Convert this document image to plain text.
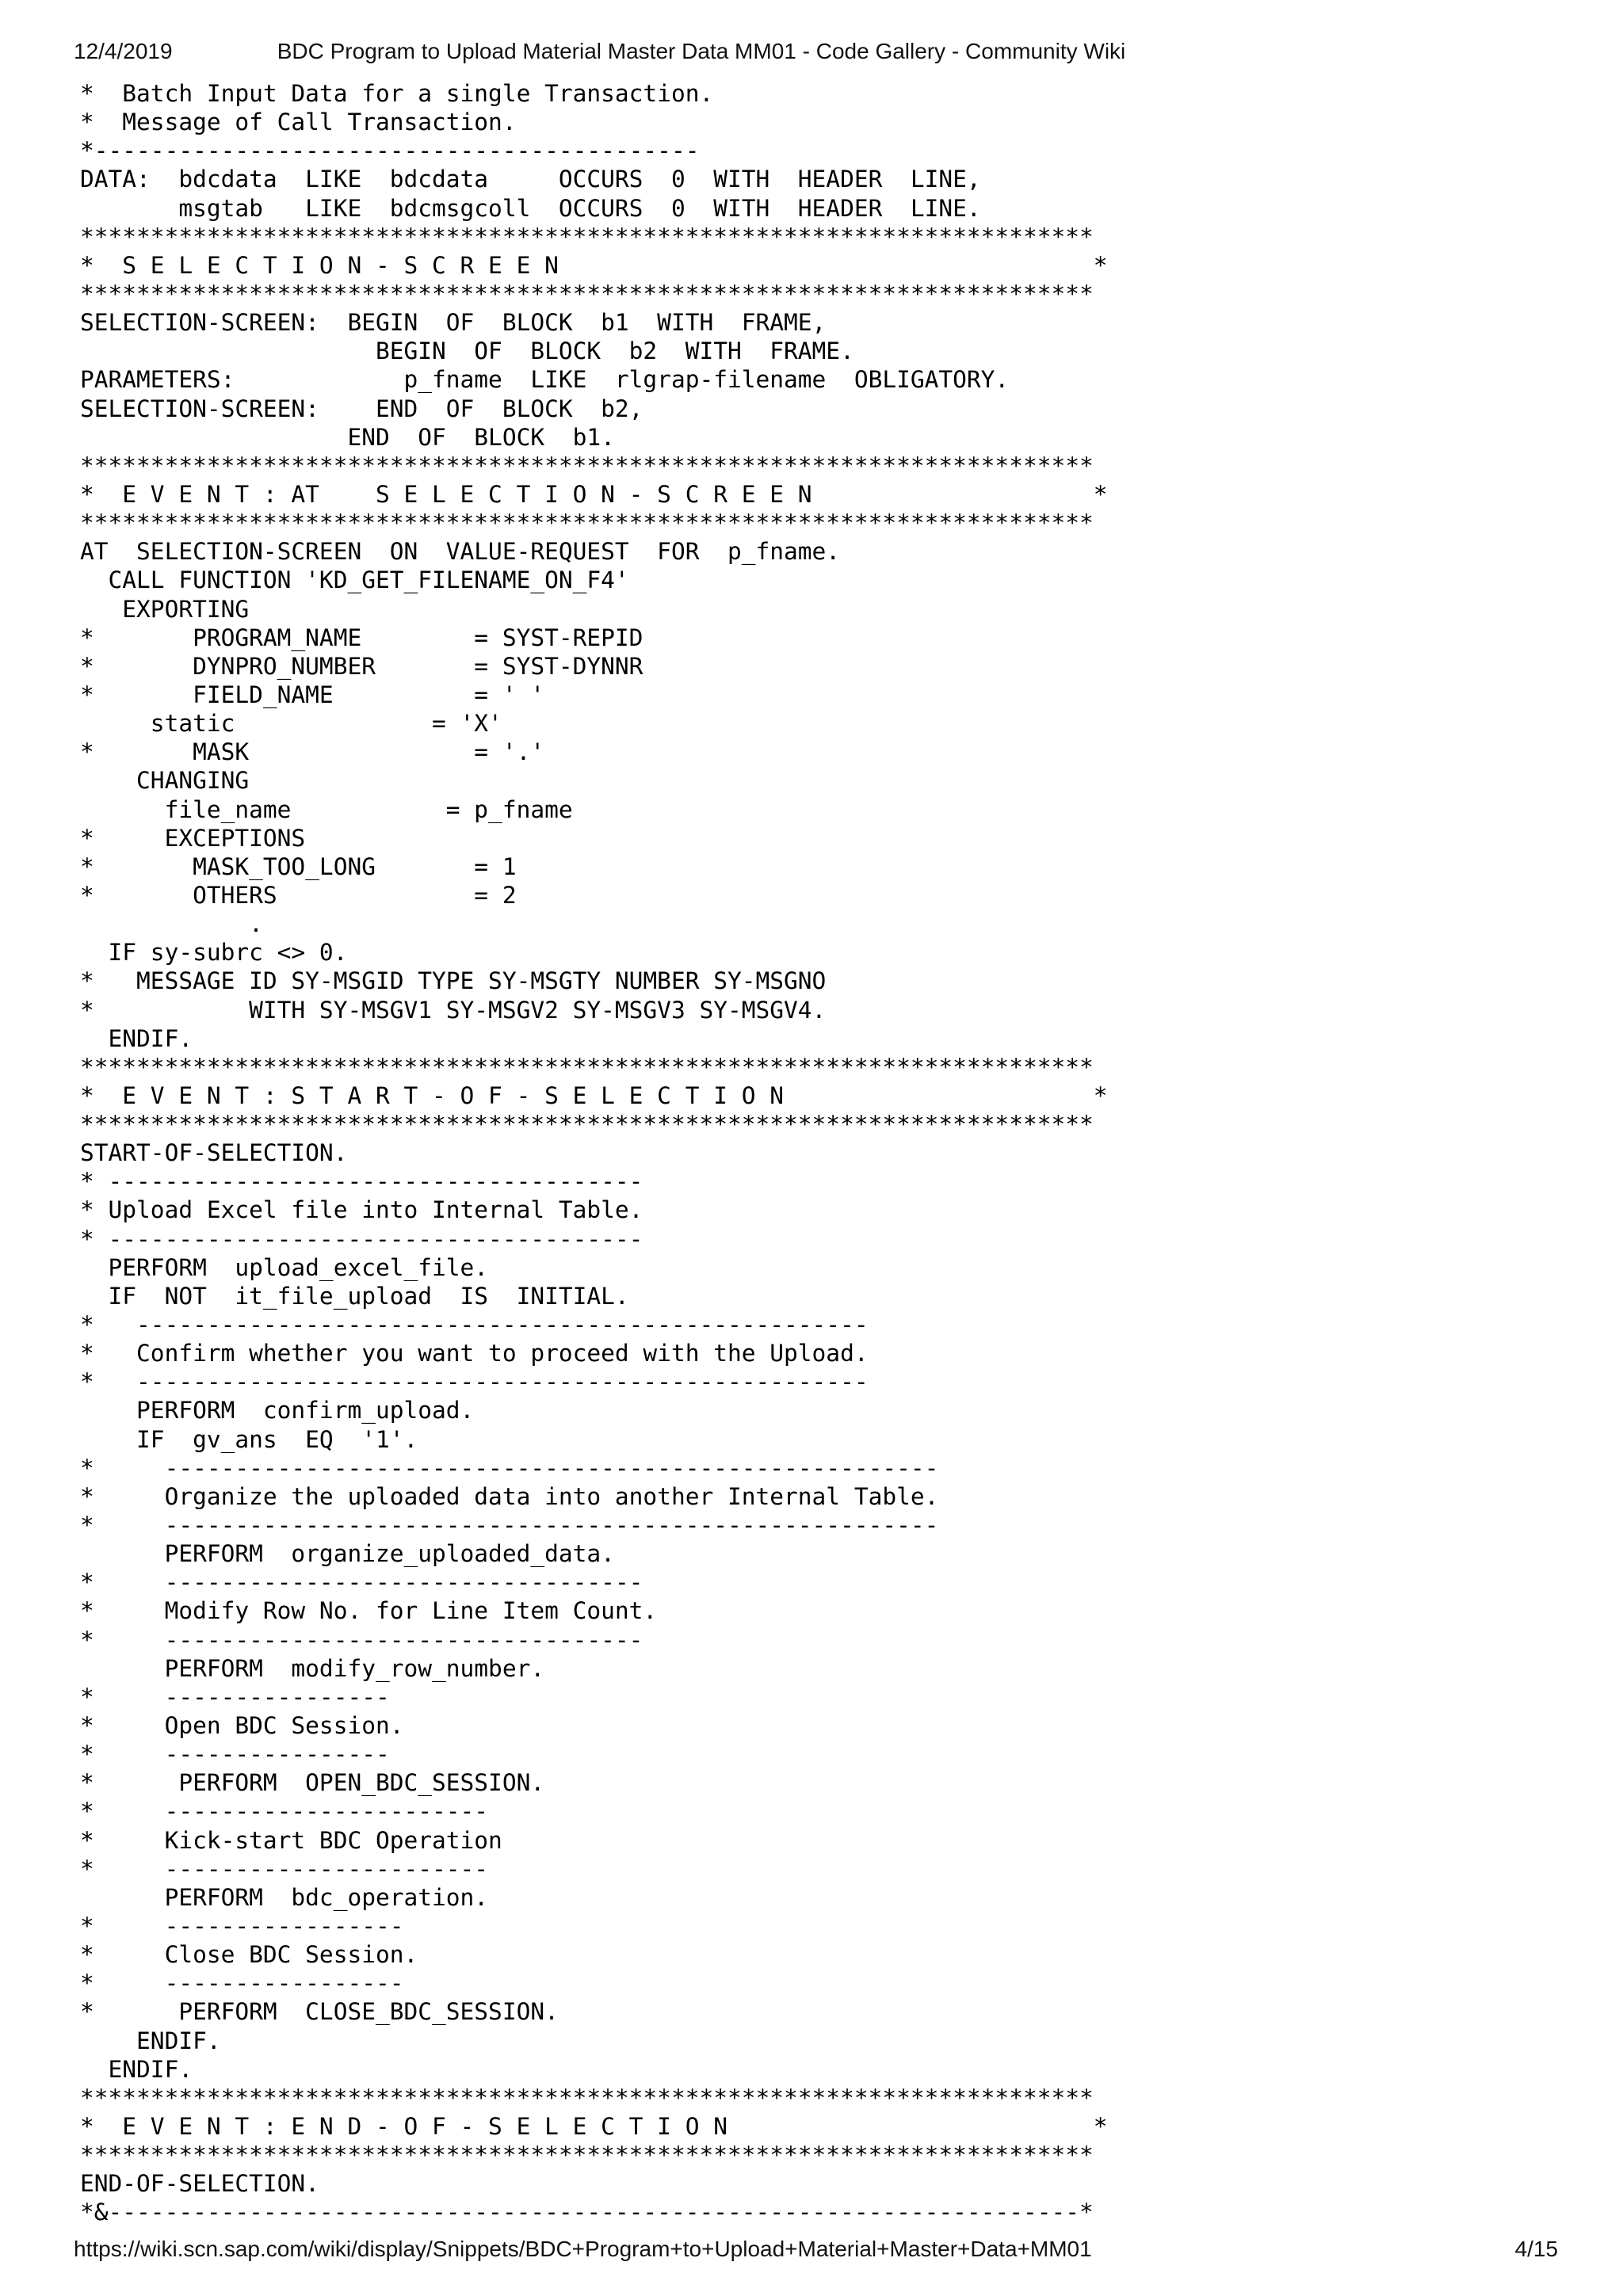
12/4/2019	BDC Program to Upload Material Master Data MM01 - Code Gallery - Community Wiki
*  Batch Input Data for a single Transaction.
*  Message of Call Transaction.
*-------------------------------------------
DATA:  bdcdata  LIKE  bdcdata     OCCURS  0  WITH  HEADER  LINE,
msgtab   LIKE  bdcmsgcoll  OCCURS  0  WITH  HEADER  LINE.
************************************************************************
*  S E L E C T I O N - S C R E E N                                      *
************************************************************************
SELECTION-SCREEN:  BEGIN  OF  BLOCK  b1  WITH  FRAME,
BEGIN  OF  BLOCK  b2  WITH  FRAME.
PARAMETERS:            p_fname  LIKE  rlgrap-filename  OBLIGATORY.
SELECTION-SCREEN:    END  OF  BLOCK  b2,
END  OF  BLOCK  b1.
************************************************************************
*  E V E N T : AT    S E L E C T I O N - S C R E E N                    *
************************************************************************
AT  SELECTION-SCREEN  ON  VALUE-REQUEST  FOR  p_fname.
CALL FUNCTION 'KD_GET_FILENAME_ON_F4'
EXPORTING
*       PROGRAM_NAME        = SYST-REPID
*       DYNPRO_NUMBER       = SYST-DYNNR
*       FIELD_NAME          = ' '
static              = 'X'
*       MASK                = '.'
CHANGING
file_name           = p_fname
*     EXCEPTIONS
*       MASK_TOO_LONG       = 1
*       OTHERS              = 2
.
IF sy-subrc <> 0.
*   MESSAGE ID SY-MSGID TYPE SY-MSGTY NUMBER SY-MSGNO
*           WITH SY-MSGV1 SY-MSGV2 SY-MSGV3 SY-MSGV4.
ENDIF.
************************************************************************
*  E V E N T : S T A R T - O F - S E L E C T I O N                      *
************************************************************************
START-OF-SELECTION.
* --------------------------------------
* Upload Excel file into Internal Table.
* --------------------------------------
PERFORM  upload_excel_file.
IF  NOT  it_file_upload  IS  INITIAL.
*   ----------------------------------------------------
*   Confirm whether you want to proceed with the Upload.
*   ----------------------------------------------------
PERFORM  confirm_upload.
IF  gv_ans  EQ  '1'.
*     -------------------------------------------------------
*     Organize the uploaded data into another Internal Table.
*     -------------------------------------------------------
PERFORM  organize_uploaded_data.
*     ----------------------------------
*     Modify Row No. for Line Item Count.
*     ----------------------------------
PERFORM  modify_row_number.
*     ----------------
*     Open BDC Session.
*     ----------------
*      PERFORM  OPEN_BDC_SESSION.
*     -----------------------
*     Kick-start BDC Operation
*     -----------------------
PERFORM  bdc_operation.
*     -----------------
*     Close BDC Session.
*     -----------------
*      PERFORM  CLOSE_BDC_SESSION.
ENDIF.
ENDIF.
************************************************************************
*  E V E N T : E N D - O F - S E L E C T I O N                          *
************************************************************************
END-OF-SELECTION.
*&---------------------------------------------------------------------*
https://wiki.scn.sap.com/wiki/display/Snippets/BDC+Program+to+Upload+Material+Master+Data+MM01	4/15
